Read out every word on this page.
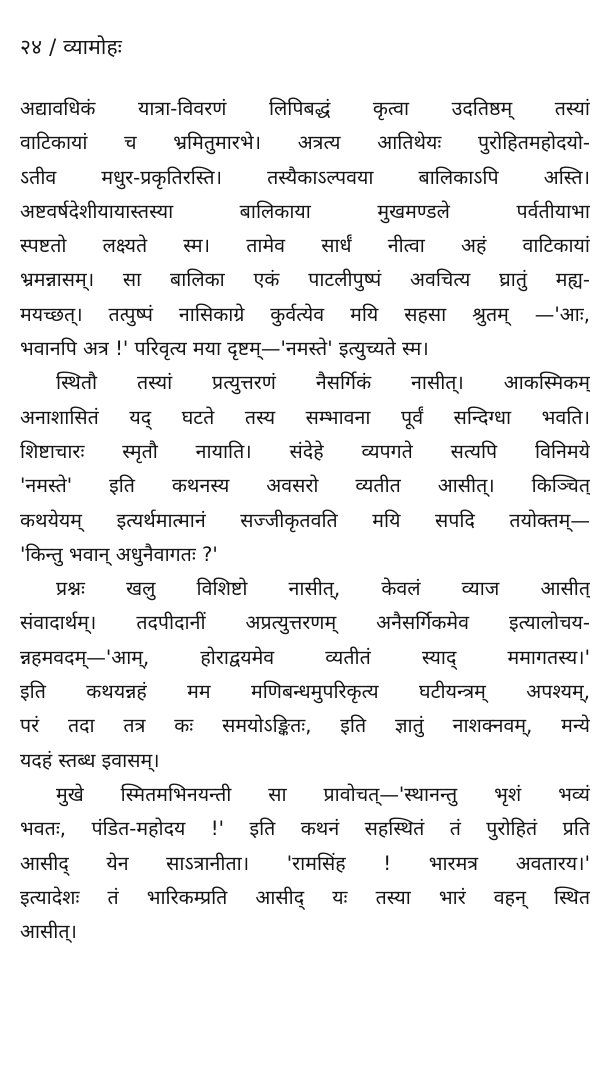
२४ / व्यामोहः
अद्यावधिकं यात्रा-विवरणं लिपिबद्धं कृत्वा उदतिष्ठम् तस्यां
वाटिकायां च भ्रमितुमारभे। अत्रत्य आतिथेयः पुरोहितमहोदयो-
ऽतीव मधुर-प्रकृतिरस्ति। तस्यैकाऽल्पवया बालिकाऽपि अस्ति।
अष्टवर्षदेशीयायास्तस्या बालिकाया मुखमण्डले पर्वतीयाभा
स्पष्टतो लक्ष्यते स्म। तामेव सार्धं नीत्वा अहं वाटिकायां
भ्रमन्नासम्। सा बालिका एकं पाटलीपुष्पं अवचित्य घ्रातुं मह्य-
मयच्छत्। तत्पुष्पं नासिकाग्रे कुर्वत्येव मयि सहसा श्रुतम् —'आः,
भवानपि अत्र !' परिवृत्य मया दृष्टम्—'नमस्ते' इत्युच्यते स्म।
स्थितौ तस्यां प्रत्युत्तरणं नैसर्गिकं नासीत्। आकस्मिकम्
अनाशासितं यद् घटते तस्य सम्भावना पूर्वं सन्दिग्धा भवति।
शिष्टाचारः स्मृतौ नायाति। संदेहे व्यपगते सत्यपि विनिमये
'नमस्ते' इति कथनस्य अवसरो व्यतीत आसीत्। किञ्चित्
कथयेयम् इत्यर्थमात्मानं सज्जीकृतवति मयि सपदि तयोक्तम्—
'किन्तु भवान् अधुनैवागतः ?'
प्रश्नः खलु विशिष्टो नासीत्, केवलं व्याज आसीत्
संवादार्थम्। तदपीदानीं अप्रत्युत्तरणम् अनैसर्गिकमेव इत्यालोचय-
न्नहमवदम्—'आम्, होराद्वयमेव व्यतीतं स्याद् ममागतस्य।'
इति कथयन्नहं मम मणिबन्धमुपरिकृत्य घटीयन्त्रम् अपश्यम्,
परं तदा तत्र कः समयोऽङ्कितः, इति ज्ञातुं नाशक्नवम्, मन्ये
यदहं स्तब्ध इवासम्।
मुखे स्मितमभिनयन्ती सा प्रावोचत्—'स्थानन्तु भृशं भव्यं
भवतः, पंडित-महोदय !' इति कथनं सहस्थितं तं पुरोहितं प्रति
आसीद् येन साऽत्रानीता। 'रामसिंह ! भारमत्र अवतारय।'
इत्यादेशः तं भारिकम्प्रति आसीद् यः तस्या भारं वहन् स्थित
आसीत्।
